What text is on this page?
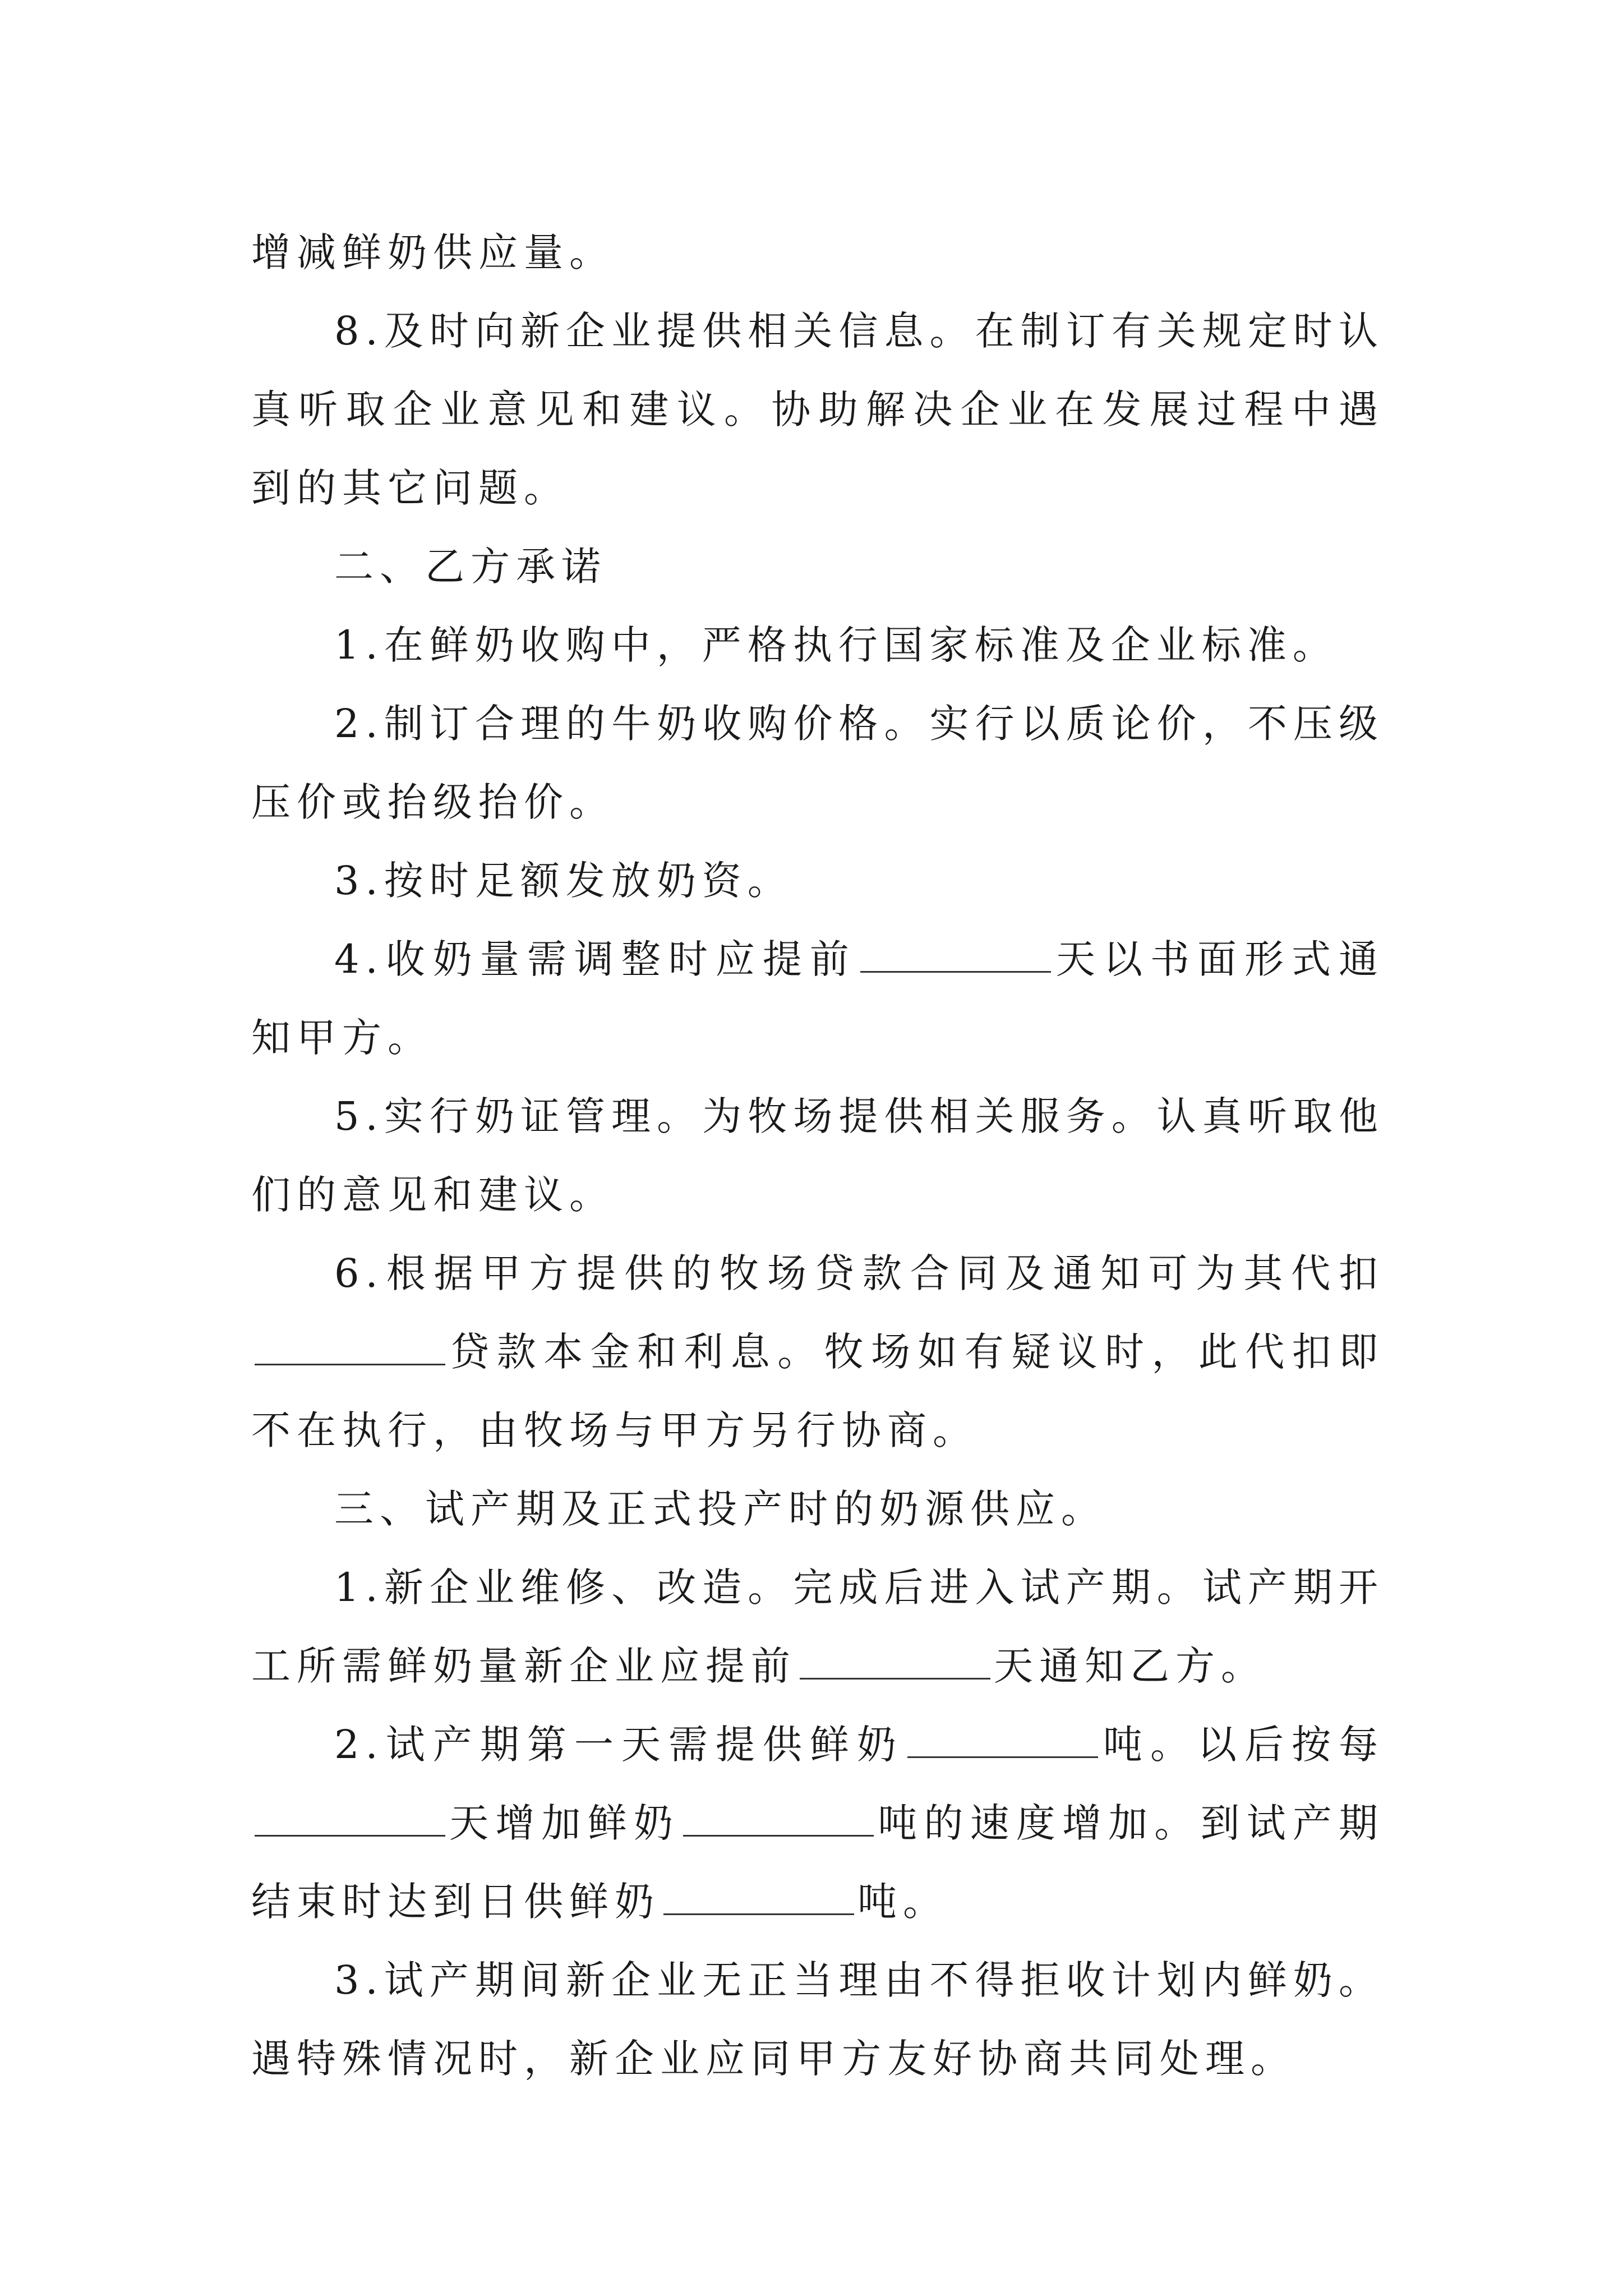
增减鲜奶供应量。

8.及时向新企业提供相关信息。在制订有关规定时认真听取企业意见和建议。协助解决企业在发展过程中遇到的其它问题。

二、乙方承诺

1.在鲜奶收购中，严格执行国家标准及企业标准。

2.制订合理的牛奶收购价格。实行以质论价，不压级压价或抬级抬价。

3.按时足额发放奶资。

4.收奶量需调整时应提前	天以书面形式通知甲方。

5.实行奶证管理。为牧场提供相关服务。认真听取他们的意见和建议。

6.根据甲方提供的牧场贷款合同及通知可为其代扣贷款本金和利息。牧场如有疑议时，此代扣即不在执行，由牧场与甲方另行协商。

三、试产期及正式投产时的奶源供应。

1.新企业维修、改造。完成后进入试产期。试产期开工所需鲜奶量新企业应提前	天通知乙方。

2.试产期第一天需提供鲜奶	吨。以后按每天增加鲜奶	吨的速度增加。到试产期结束时达到日供鲜奶	吨。

3.试产期间新企业无正当理由不得拒收计划内鲜奶。遇特殊情况时，新企业应同甲方友好协商共同处理。
